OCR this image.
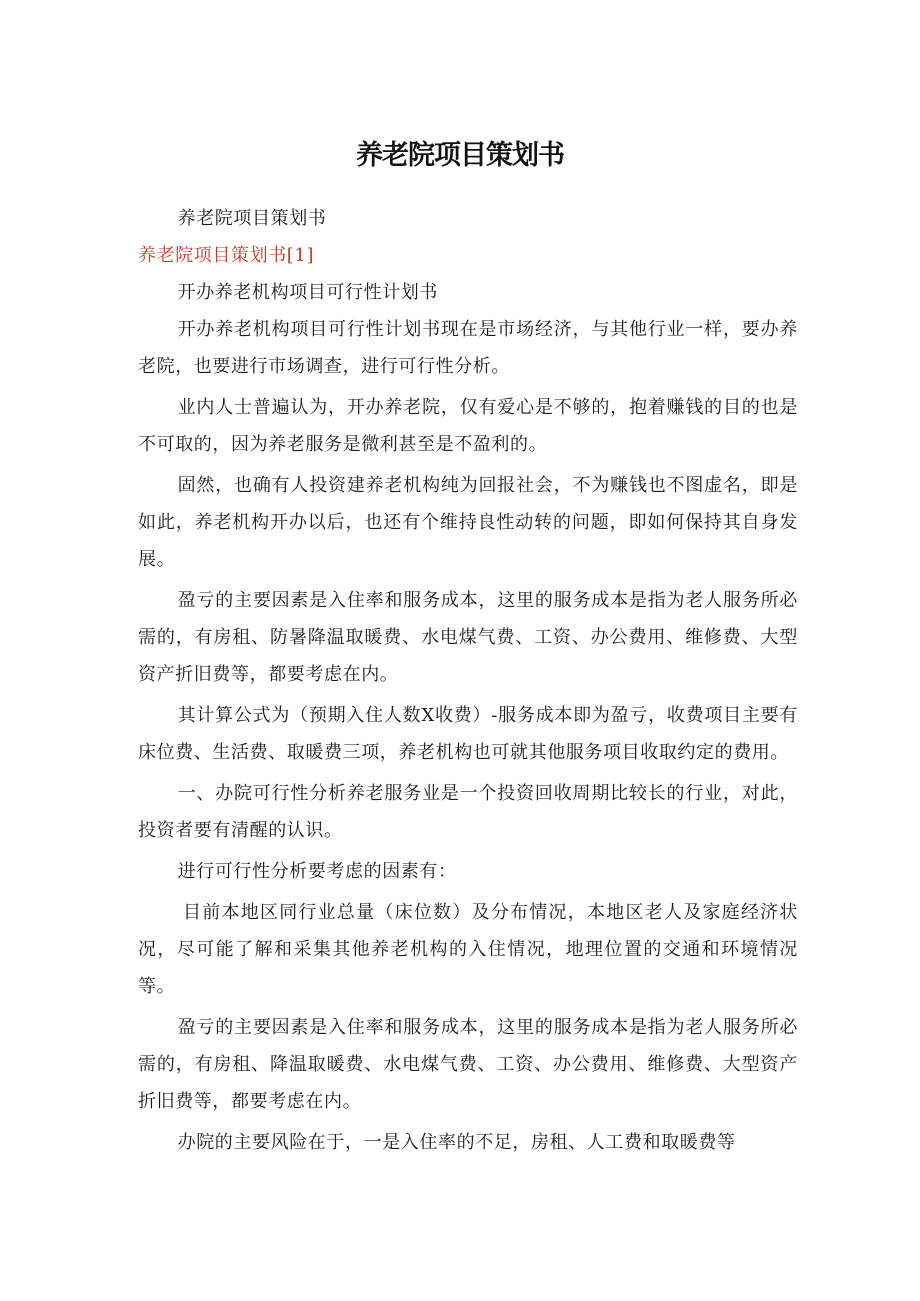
养老院项目策划书

养老院项目策划书

养老院项目策划书[1]

开办养老机构项目可行性计划书

开办养老机构项目可行性计划书现在是市场经济，与其他行业一样，要办养老院，也要进行市场调查，进行可行性分析。

业内人士普遍认为，开办养老院，仅有爱心是不够的，抱着赚钱的目的也是不可取的，因为养老服务是微利甚至是不盈利的。

固然，也确有人投资建养老机构纯为回报社会，不为赚钱也不图虚名，即是如此，养老机构开办以后，也还有个维持良性动转的问题，即如何保持其自身发展。

盈亏的主要因素是入住率和服务成本，这里的服务成本是指为老人服务所必需的，有房租、防暑降温取暖费、水电煤气费、工资、办公费用、维修费、大型资产折旧费等，都要考虑在内。

其计算公式为（预期入住人数X收费）-服务成本即为盈亏，收费项目主要有床位费、生活费、取暖费三项，养老机构也可就其他服务项目收取约定的费用。

一、办院可行性分析养老服务业是一个投资回收周期比较长的行业，对此，投资者要有清醒的认识。

进行可行性分析要考虑的因素有：

目前本地区同行业总量（床位数）及分布情况，本地区老人及家庭经济状况，尽可能了解和采集其他养老机构的入住情况，地理位置的交通和环境情况等。

盈亏的主要因素是入住率和服务成本，这里的服务成本是指为老人服务所必需的，有房租、降温取暖费、水电煤气费、工资、办公费用、维修费、大型资产折旧费等，都要考虑在内。

办院的主要风险在于，一是入住率的不足，房租、人工费和取暖费等
